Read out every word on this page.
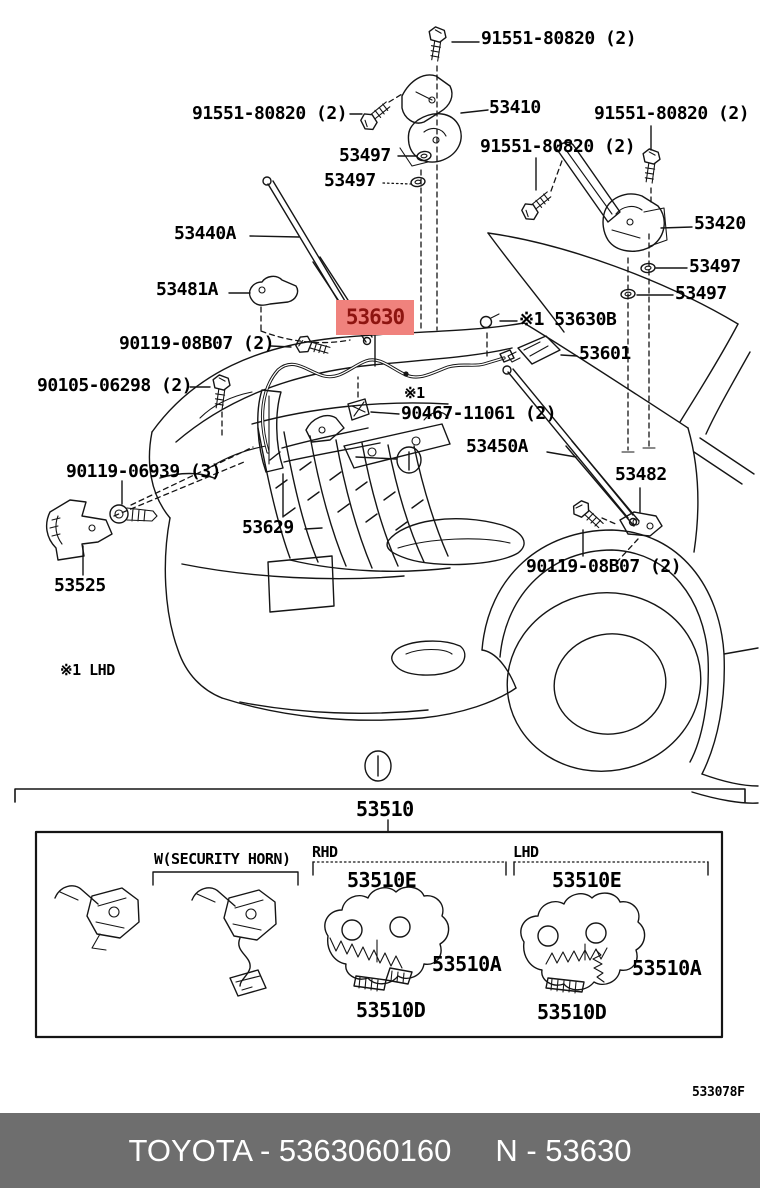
91551-80820 (2)
91551-80820 (2)	53410
53497	91551-80820 (2)
53497
91551-80820 (2)
53420
53497
53497
53440A
53481A
53630
90119-08B07 (2)
※1 53630B
53601
90105-06298 (2)	※1
90467-11061 (2)
53450A
53482
90119-06939 (3)
53629
53525
90119-08B07 (2)
※1 LHD
53510
W(SECURITY HORN) RHD	LHD
53510E
53510A
53510D
53510E
53510A
53510D
533078F
TOYOTA - 5363060160 N - 53630
